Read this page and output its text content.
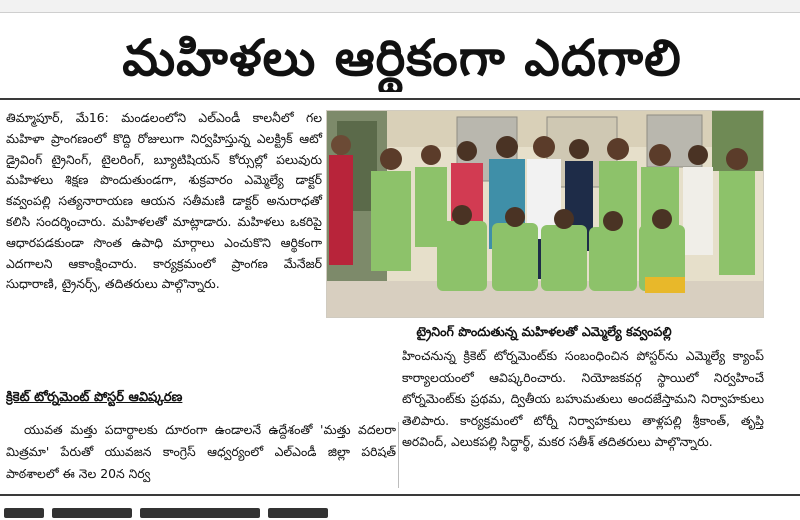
మహిళలు ఆర్థికంగా ఎదగాలి

తిమ్మాపూర్, మే16: మండలంలోని ఎల్‌ఎండీ కాలనీలో గల మహిళా ప్రాంగణంలో కొద్ది రోజులుగా నిర్వహిస్తున్న ఎలక్ట్రిక్ ఆటో డ్రైవింగ్ ట్రైనింగ్, టైలరింగ్, బ్యూటిషియన్ కోర్సుల్లో పలువురు మహిళలు శిక్షణ పొందుతుండగా, శుక్రవారం ఎమ్మెల్యే డాక్టర్ కవ్వంపల్లి సత్యనారాయణ ఆయన సతీమణి డాక్టర్ అనురాధతో కలిసి సందర్శించారు. మహిళలతో మాట్లాడారు. మహిళలు ఒకరిపై ఆధారపడకుండా సొంత ఉపాధి మార్గాలు ఎంచుకొని ఆర్థికంగా ఎదగాలని ఆకాంక్షించారు. కార్యక్రమంలో ప్రాంగణ మేనేజర్ సుధారాణి, ట్రైనర్స్, తదితరులు పాల్గొన్నారు.

ట్రైనింగ్ పొందుతున్న మహిళలతో ఎమ్మెల్యే కవ్వంపల్లి
క్రికెట్ టోర్నమెంట్ పోస్టర్ ఆవిష్కరణ

యువత మత్తు పదార్థాలకు దూరంగా ఉండాలనే ఉద్దేశంతో 'మత్తు వదలరా మిత్రమా' పేరుతో యువజన కాంగ్రెస్ ఆధ్వర్యంలో ఎల్‌ఎండీ జిల్లా పరిషత్ పాఠశాలలో ఈ నెల 20న నిర్వ

హించనున్న క్రికెట్ టోర్నమెంట్‌కు సంబంధించిన పోస్టర్‌ను ఎమ్మెల్యే క్యాంప్ కార్యాలయంలో ఆవిష్కరించారు. నియోజకవర్గ స్థాయిలో నిర్వహించే టోర్నమెంట్‌కు ప్రథమ, ద్వితీయ బహుమతులు అందజేస్తామని నిర్వాహకులు తెలిపారు. కార్యక్రమంలో టోర్నీ నిర్వాహకులు తాళ్లపల్లి శ్రీకాంత్, తృప్తి అరవింద్, ఎలుకపల్లి సిద్ధార్థ్, మకర సతీశ్ తదితరులు పాల్గొన్నారు.
